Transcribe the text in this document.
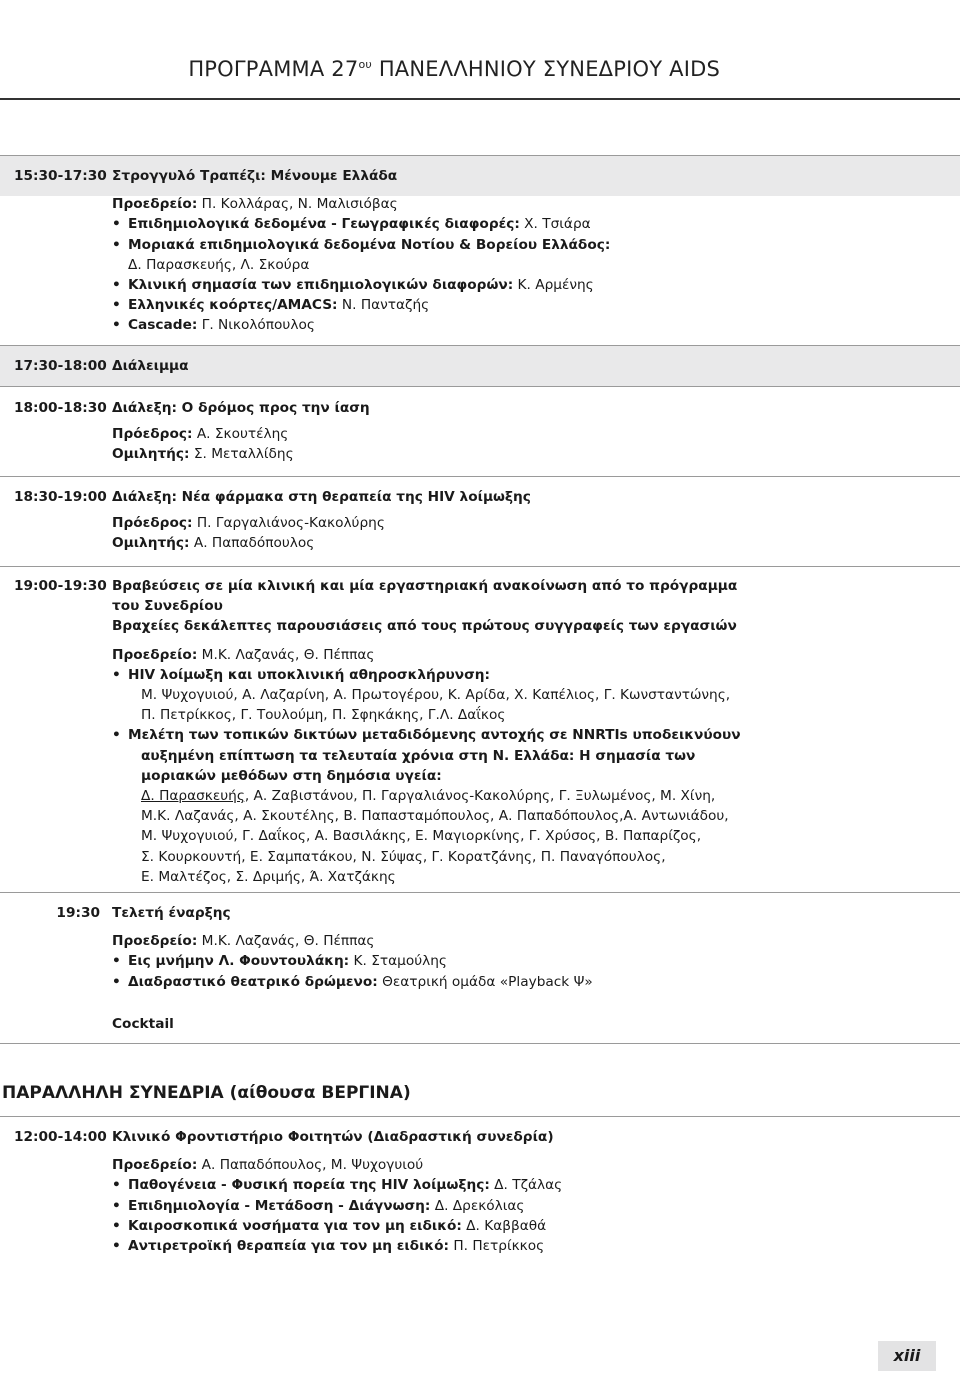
ΠΡΟΓΡΑΜΜΑ $27^{o\upsilon}$ ΠΑΝΕΛΛΗΝΙΟΥ ΣΥΝΕΔΡΙΟΥ AIDS
15:30-17:30 Στρογγυλό Τραπέζι: Μένουμε Ελλάδα
Προεδρείο: Π. Κολλάρας, Ν. Μαλισιόβας
• Επιδημιολογικά δεδομένα - Γεωγραφικές διαφορές: Χ. Τσιάρα
• Μοριακά επιδημιολογικά δεδομένα Νοτίου & Βορείου Ελλάδος:
Δ. Παρασκευής, Λ. Σκούρα
• Κλινική σημασία των επιδημιολογικών διαφορών: Κ. Αρμένης
• Ελληνικές κοόρτες/AMACS: Ν. Πανταζής
• Cascade: Γ. Νικολόπουλος
17:30-18:00 Διάλειμμα
18:00-18:30 Διάλεξη: Ο δρόμος προς την ίαση
Πρόεδρος: Α. Σκουτέλης
Ομιλητής: Σ. Μεταλλίδης
18:30-19:00 Διάλεξη: Νέα φάρμακα στη θεραπεία της HIV λοίμωξης
Πρόεδρος: Π. Γαργαλιάνος-Κακολύρης
Ομιλητής: Α. Παπαδόπουλος
19:00-19:30 Βραβεύσεις σε μία κλινική και μία εργαστηριακή ανακοίνωση από το πρόγραμμα
του Συνεδρίου
Βραχείες δεκάλεπτες παρουσιάσεις από τους πρώτους συγγραφείς των εργασιών
Προεδρείο: Μ.Κ. Λαζανάς, Θ. Πέππας
• HIV λοίμωξη και υποκλινική αθηροσκλήρυνση:
Μ. Ψυχογυιού, Α. Λαζαρίνη, Α. Πρωτογέρου, Κ. Αρίδα, Χ. Καπέλιος, Γ. Κωνσταντώνης,
Π. Πετρίκκος, Γ. Τουλούμη, Π. Σφηκάκης, Γ.Λ. Δαΐκος
• Μελέτη των τοπικών δικτύων μεταδιδόμενης αντοχής σε NNRTIs υποδεικνύουν
αυξημένη επίπτωση τα τελευταία χρόνια στη Ν. Ελλάδα: Η σημασία των
μοριακών μεθόδων στη δημόσια υγεία:
Δ. Παρασκευής, Α. Ζαβιστάνου, Π. Γαργαλιάνος-Κακολύρης, Γ. Ξυλωμένος, Μ. Χίνη,
Μ.Κ. Λαζανάς, Α. Σκουτέλης, Β. Παπασταμόπουλος, Α. Παπαδόπουλος,Α. Αντωνιάδου,
Μ. Ψυχογυιού, Γ. Δαΐκος, Α. Βασιλάκης, Ε. Μαγιορκίνης, Γ. Χρύσος, Β. Παπαρίζος,
Σ. Κουρκουντή, Ε. Σαμπατάκου, Ν. Σύψας, Γ. Κορατζάνης, Π. Παναγόπουλος,
Ε. Μαλτέζος, Σ. Δριμής, Ά. Χατζάκης
19:30 Τελετή έναρξης
Προεδρείο: Μ.Κ. Λαζανάς, Θ. Πέππας
• Εις μνήμην Λ. Φουντουλάκη: Κ. Σταμούλης
• Διαδραστικό θεατρικό δρώμενο: Θεατρική ομάδα «Playback Ψ»
Cocktail
ΠΑΡΑΛΛΗΛΗ ΣΥΝΕΔΡΙΑ (αίθουσα ΒΕΡΓΙΝΑ)
12:00-14:00 Κλινικό Φροντιστήριο Φοιτητών (Διαδραστική συνεδρία)
Προεδρείο: Α. Παπαδόπουλος, Μ. Ψυχογυιού
• Παθογένεια - Φυσική πορεία της HIV λοίμωξης: Δ. Τζάλας
• Επιδημιολογία - Μετάδοση - Διάγνωση: Δ. Δρεκόλιας
• Καιροσκοπικά νοσήματα για τον μη ειδικό: Δ. Καββαθά
• Αντιρετροϊκή θεραπεία για τον μη ειδικό: Π. Πετρίκκος
xiii
